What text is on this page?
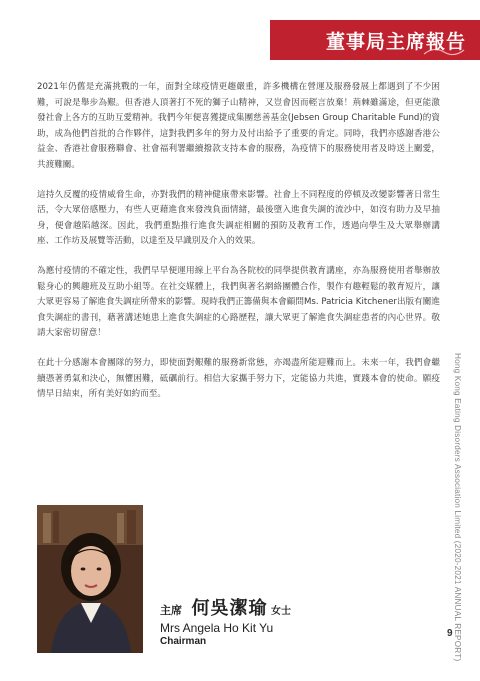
董事局主席報告

2021年仍舊是充滿挑戰的一年，面對全球疫情更趨嚴重，許多機構在營運及服務發展上都遇到了不少困難，可說是舉步為艱。但香港人頂著打不死的獅子山精神，又豈會因而輕言放棄！荊棘雖滿途，但更能激發社會上各方的互助互愛精神。我們今年便喜獲捷成集團慈善基金(Jebsen Group Charitable Fund)的資助，成為他們首批的合作夥伴，這對我們多年的努力及付出給予了重要的肯定。同時，我們亦感謝香港公益金、香港社會服務聯會、社會福利署繼續撥款支持本會的服務，為疫情下的服務使用者及時送上關愛，共渡難關。

這持久反覆的疫情威脅生命，亦對我們的精神健康帶來影響。社會上不同程度的停頓及改變影響著日常生活，令大眾倍感壓力，有些人更藉進食來發洩負面情緒，最後墮入進食失調的流沙中，如沒有助力及早抽身，便會越陷越深。因此，我們重點推行進食失調症相關的預防及教育工作，透過向學生及大眾舉辦講座、工作坊及展覽等活動，以達至及早識別及介入的效果。

為應付疫情的不確定性，我們早早便運用線上平台為各院校的同學提供教育講座，亦為服務使用者舉辦放鬆身心的興趣班及互助小組等。在社交媒體上，我們與著名網絡團體合作，製作有趣輕鬆的教育短片，讓大眾更容易了解進食失調症所帶來的影響。現時我們正籌備與本會顧問Ms. Patricia Kitchener出版有關進食失調症的書刊，藉著講述她患上進食失調症的心路歷程，讓大眾更了解進食失調症患者的內心世界。敬請大家密切留意！

在此十分感謝本會團隊的努力，即使面對艱難的服務新常態，亦竭盡所能迎難而上。未來一年，我們會繼續憑著勇氣和決心，無懼困難，砥礪前行。相信大家攜手努力下，定能協力共進，實踐本會的使命。願疫情早日結束，所有美好如約而至。	Hong Kong Eating Disorders Association Limited (2020-2021 ANNUAL REPORT)
9
主席 何吳潔瑜 女士
Mrs Angela Ho Kit Yu
Chairman
